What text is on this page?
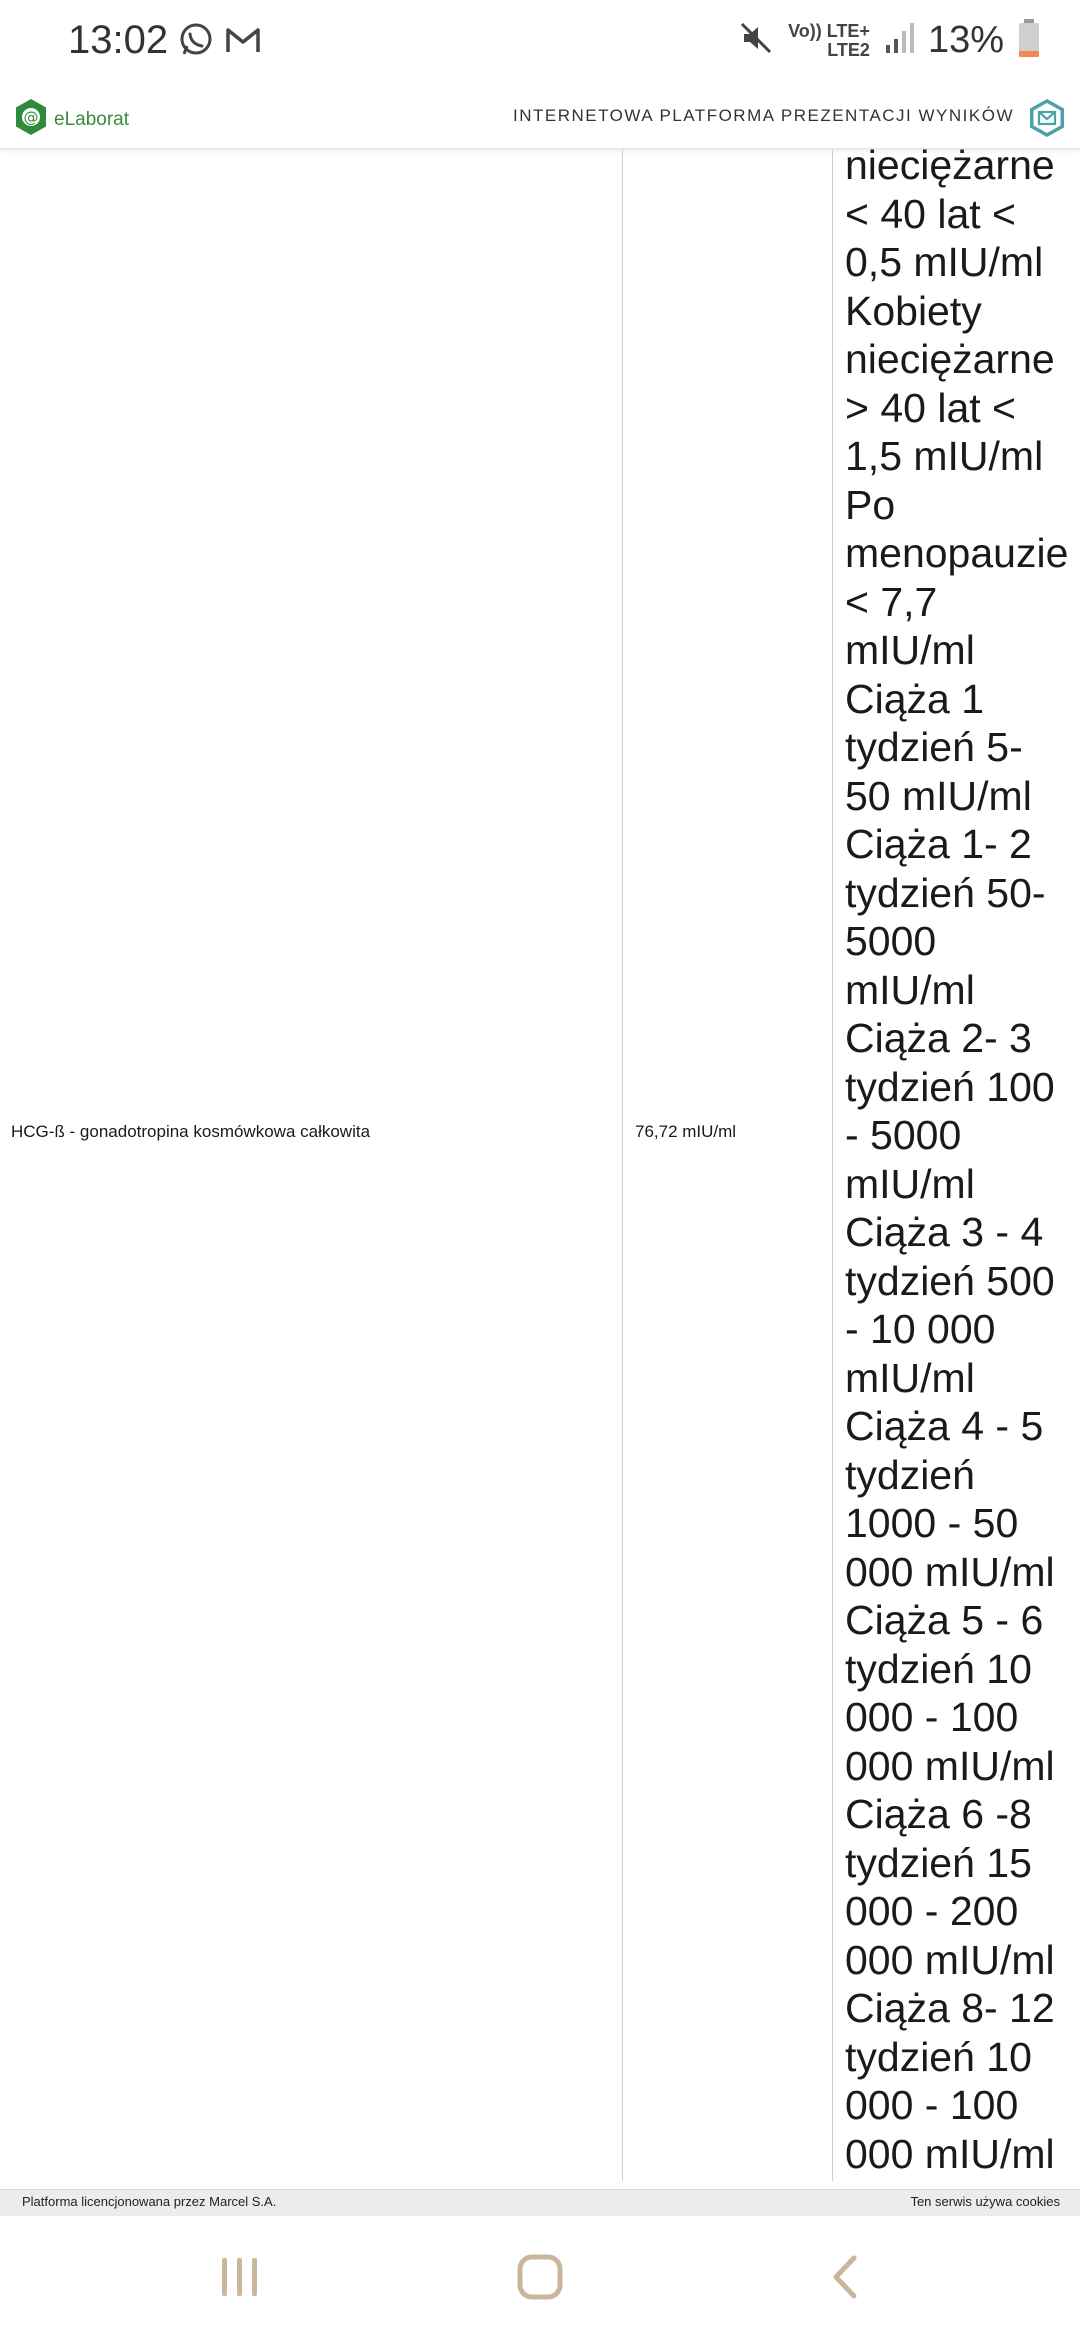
13:02	Vo)) LTE+
LTE2 13%
@ eLaborat	INTERNETOWA PLATFORMA PREZENTACJI WYNIKÓW
HCG-ß - gonadotropina kosmówkowa całkowita	76,72 mIU/ml
nieciężarne
< 40 lat <
0,5 mIU/ml
Kobiety
nieciężarne
> 40 lat <
1,5 mIU/ml
Po
menopauzie
< 7,7
mIU/ml
Ciąża 1
tydzień 5-
50 mIU/ml
Ciąża 1- 2
tydzień 50-
5000
mIU/ml
Ciąża 2- 3
tydzień 100
- 5000
mIU/ml
Ciąża 3 - 4
tydzień 500
- 10 000
mIU/ml
Ciąża 4 - 5
tydzień
1000 - 50
000 mIU/ml
Ciąża 5 - 6
tydzień 10
000 - 100
000 mIU/ml
Ciąża 6 -8
tydzień 15
000 - 200
000 mIU/ml
Ciąża 8- 12
tydzień 10
000 - 100
000 mIU/ml
Platforma licencjonowana przez Marcel S.A.	Ten serwis używa cookies
